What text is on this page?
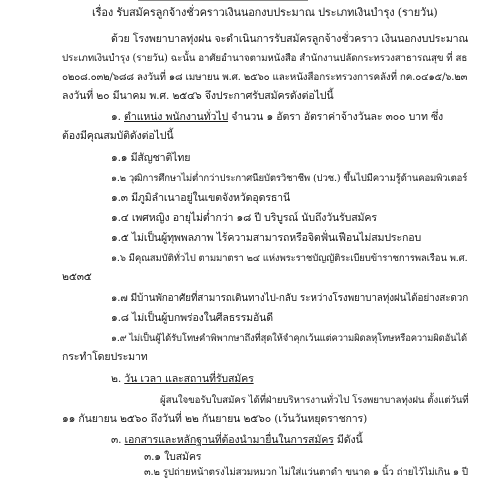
เรื่อง รับสมัครลูกจ้างชั่วคราวเงินนอกงบประมาณ ประเภทเงินบำรุง (รายวัน)
ด้วย โรงพยาบาลทุ่งฝน จะดำเนินการรับสมัครลูกจ้างชั่วคราว เงินนอกงบประมาณ
ประเภทเงินบำรุง (รายวัน) ฉะนั้น อาศัยอำนาจตามหนังสือ สำนักงานปลัดกระทรวงสาธารณสุข ที่ สธ
๐๒๐๘.๐๓๒/๖๘๘ ลงวันที่ ๑๘ เมษายน พ.ศ. ๒๕๖๐ และหนังสือกระทรวงการคลังที่ กค.๐๔๑๕/๖.๒๓
ลงวันที่ ๒๐ มีนาคม พ.ศ. ๒๕๔๖ จึงประกาศรับสมัครดังต่อไปนี้
๑. ตำแหน่ง พนักงานทั่วไป จำนวน ๑ อัตรา อัตราค่าจ้างวันละ ๓๐๐ บาท ซึ่ง
ต้องมีคุณสมบัติดังต่อไปนี้
๑.๑ มีสัญชาติไทย
๑.๒ วุฒิการศึกษาไม่ต่ำกว่าประกาศนียบัตรวิชาชีพ (ปวช.) ขึ้นไปมีความรู้ด้านคอมพิวเตอร์
๑.๓ มีภูมิลำเนาอยู่ในเขตจังหวัดอุดรธานี
๑.๔ เพศหญิง อายุไม่ต่ำกว่า ๑๘ ปี บริบูรณ์ นับถึงวันรับสมัคร
๑.๕ ไม่เป็นผู้ทุพพลภาพ ไร้ความสามารถหรือจิตฟั่นเฟือนไม่สมประกอบ
๑.๖ มีคุณสมบัติทั่วไป ตามมาตรา ๒๔ แห่งพระราชบัญญัติระเบียบข้าราชการพลเรือน พ.ศ.
๒๕๓๕
๑.๗ มีบ้านพักอาศัยที่สามารถเดินทางไป-กลับ ระหว่างโรงพยาบาลทุ่งฝนได้อย่างสะดวก
๑.๘ ไม่เป็นผู้บกพร่องในศีลธรรมอันดี
๑.๙ ไม่เป็นผู้ได้รับโทษคำพิพากษาถึงที่สุดให้จำคุกเว้นแต่ความผิดลหุโทษหรือความผิดอันได้
กระทำโดยประมาท
๒. วัน เวลา และสถานที่รับสมัคร
ผู้สนใจขอรับใบสมัคร ได้ที่ฝ่ายบริหารงานทั่วไป โรงพยาบาลทุ่งฝน ตั้งแต่วันที่
๑๑ กันยายน ๒๕๖๐ ถึงวันที่ ๒๒ กันยายน ๒๕๖๐ (เว้นวันหยุดราชการ)
๓. เอกสารและหลักฐานที่ต้องนำมายื่นในการสมัคร มีดังนี้
๓.๑ ใบสมัคร
๓.๒ รูปถ่ายหน้าตรงไม่สวมหมวก ไม่ใส่แว่นตาดำ ขนาด ๑ นิ้ว ถ่ายไว้ไม่เกิน ๑ ปี
